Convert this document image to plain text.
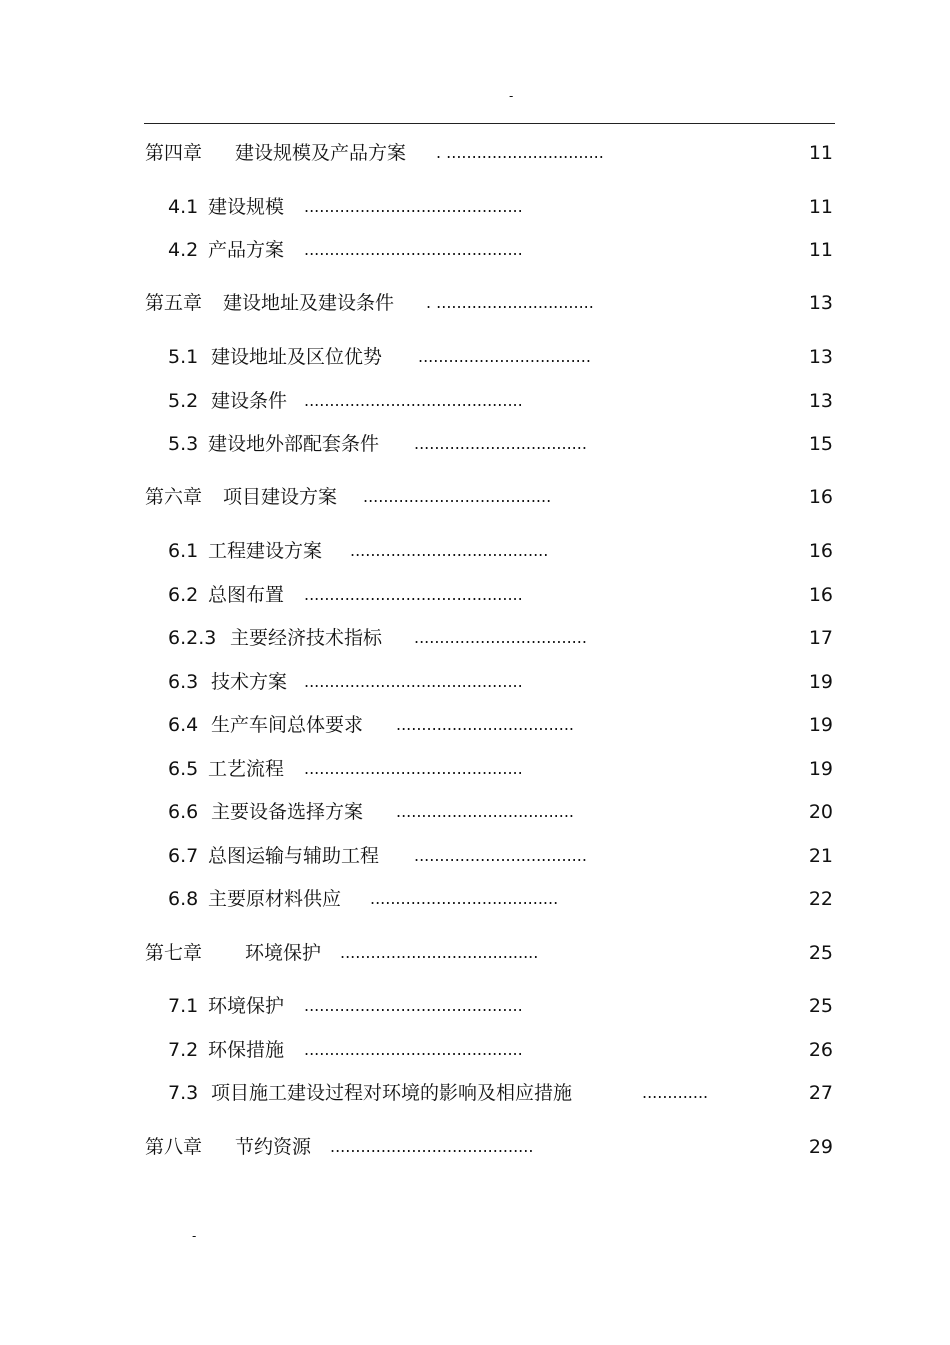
-
第四章 建设规模及产品方案 . ...............................	11
4.1 建设规模 ...........................................	11
4.2 产品方案 ...........................................	11
第五章 建设地址及建设条件 . ...............................	13
5.1 建设地址及区位优势 ..................................	13
5.2 建设条件 ...........................................	13
5.3 建设地外部配套条件 ..................................	15
第六章 项目建设方案 .....................................	16
6.1 工程建设方案 .......................................	16
6.2 总图布置 ...........................................	16
6.2.3 主要经济技术指标 ..................................	17
6.3 技术方案 ...........................................	19
6.4 生产车间总体要求 ...................................	19
6.5 工艺流程 ...........................................	19
6.6 主要设备选择方案 ...................................	20
6.7 总图运输与辅助工程 ..................................	21
6.8 主要原材料供应 .....................................	22
第七章 环境保护 .......................................	25
7.1 环境保护 ...........................................	25
7.2 环保措施 ...........................................	26
7.3 项目施工建设过程对环境的影响及相应措施	.............	27
第八章 节约资源 ........................................	29
-
